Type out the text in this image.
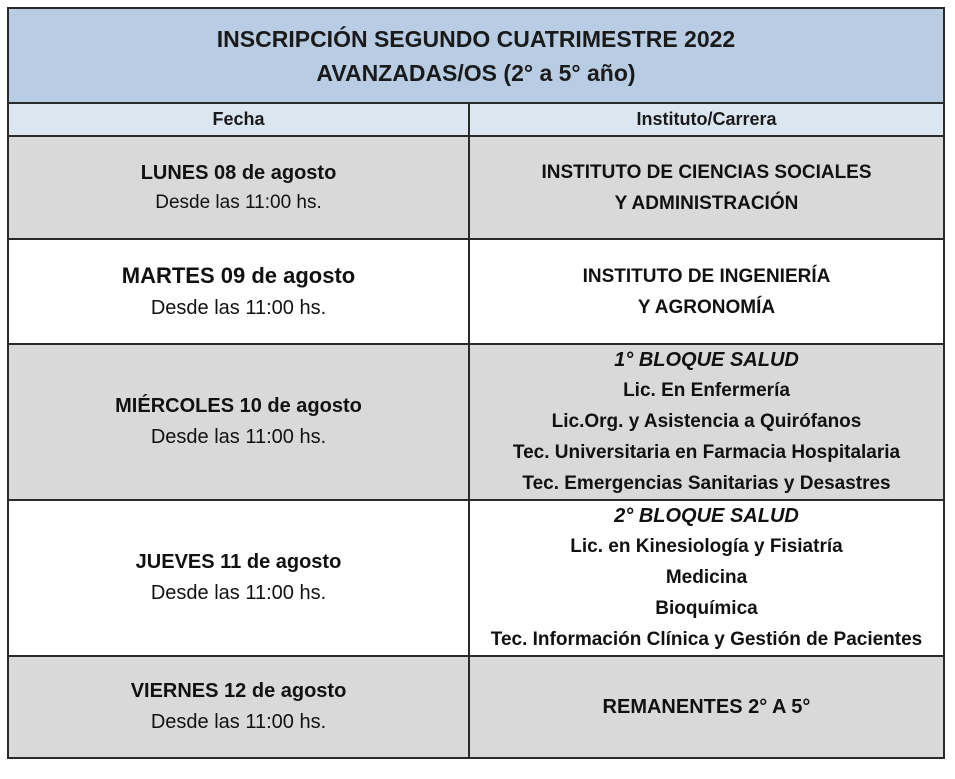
INSCRIPCIÓN SEGUNDO CUATRIMESTRE 2022
AVANZADAS/OS (2° a 5° año)	

Fecha	Instituto/Carrera

LUNES 08 de agosto
Desde las 11:00 hs.	INSTITUTO DE CIENCIAS SOCIALES
Y ADMINISTRACIÓN

MARTES 09 de agosto
Desde las 11:00 hs.	INSTITUTO DE INGENIERÍA
Y AGRONOMÍA

MIÉRCOLES 10 de agosto
Desde las 11:00 hs.	1° BLOQUE SALUD
Lic. En Enfermería
Lic.Org. y Asistencia a Quirófanos
Tec. Universitaria en Farmacia Hospitalaria
Tec. Emergencias Sanitarias y Desastres

JUEVES 11 de agosto
Desde las 11:00 hs.	2° BLOQUE SALUD
Lic. en Kinesiología y Fisiatría
Medicina
Bioquímica
Tec. Información Clínica y Gestión de Pacientes

VIERNES 12 de agosto
Desde las 11:00 hs.	REMANENTES 2° A 5°
